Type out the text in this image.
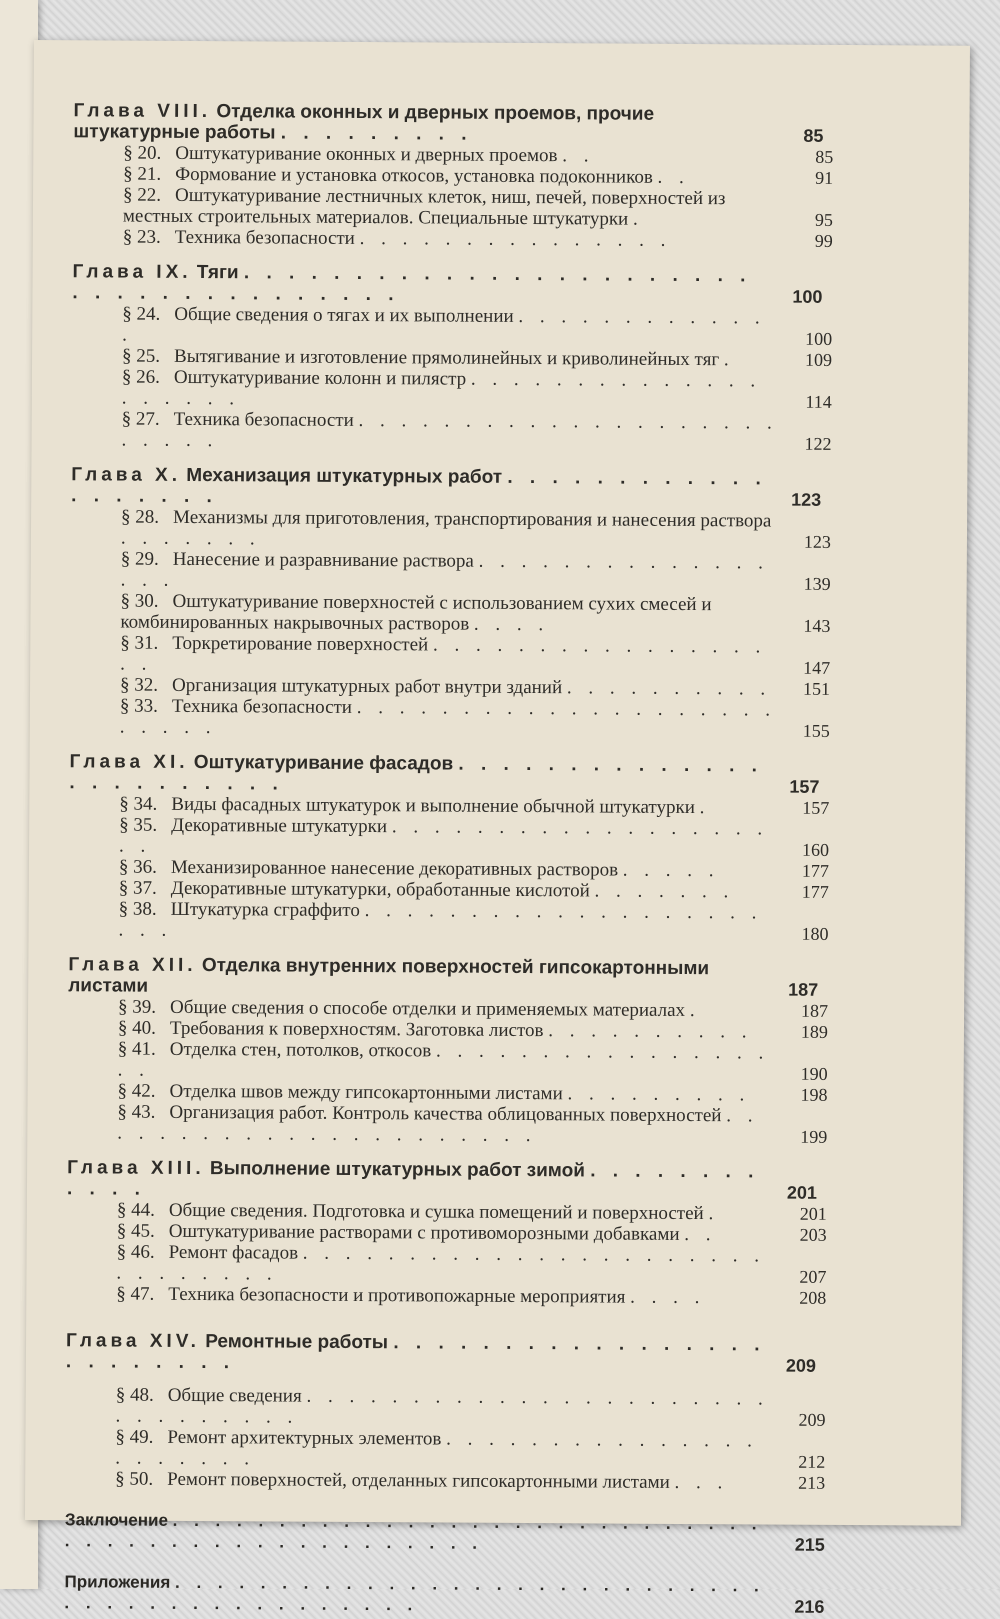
Глава VIII. Отделка оконных и дверных проемов, прочие штукатурные работы . . . . . . . . .	85
§ 20. Оштукатуривание оконных и дверных проемов . .	85
§ 21. Формование и установка откосов, установка подоконников . .	91
§ 22. Оштукатуривание лестничных клеток, ниш, печей, поверхностей из местных строительных материалов. Специальные штукатурки .	95
§ 23. Техника безопасности . . . . . . . . . . . . . . .	99
Глава IX. Тяги . . . . . . . . . . . . . . . . . . . . . . . . . . . . . . . . . . . . . .	100
§ 24. Общие сведения о тягах и их выполнении . . . . . . . . . . . . .	100
§ 25. Вытягивание и изготовление прямолинейных и криволинейных тяг .	109
§ 26. Оштукатуривание колонн и пилястр . . . . . . . . . . . . . . . . . . . .	114
§ 27. Техника безопасности . . . . . . . . . . . . . . . . . . . . . . . . .	122
Глава X. Механизация штукатурных работ . . . . . . . . . . . . . . . . . . .	123
§ 28. Механизмы для приготовления, транспортирования и нанесения раствора . . . . . . .	123
§ 29. Нанесение и разравнивание раствора . . . . . . . . . . . . . . . . .	139
§ 30. Оштукатуривание поверхностей с использованием сухих смесей и комбинированных накрывочных растворов . . . .	143
§ 31. Торкретирование поверхностей . . . . . . . . . . . . . . . . . .	147
§ 32. Организация штукатурных работ внутри зданий . . . . . . . . . .	151
§ 33. Техника безопасности . . . . . . . . . . . . . . . . . . . . . . . . .	155
Глава XI. Оштукатуривание фасадов . . . . . . . . . . . . . . . . . . . . . . . .	157
§ 34. Виды фасадных штукатурок и выполнение обычной штукатурки .	157
§ 35. Декоративные штукатурки . . . . . . . . . . . . . . . . . . . .	160
§ 36. Механизированное нанесение декоративных растворов . . . . .	177
§ 37. Декоративные штукатурки, обработанные кислотой . . . . . . .	177
§ 38. Штукатурка сграффито . . . . . . . . . . . . . . . . . . . . . .	180
Глава XII. Отделка внутренних поверхностей гипсокартонными листами	187
§ 39. Общие сведения о способе отделки и применяемых материалах .	187
§ 40. Требования к поверхностям. Заготовка листов . . . . . . . . . .	189
§ 41. Отделка стен, потолков, откосов . . . . . . . . . . . . . . . . . .	190
§ 42. Отделка швов между гипсокартонными листами . . . . . . . . .	198
§ 43. Организация работ. Контроль качества облицованных поверхностей . . . . . . . . . . . . . . . . . . . . . .	199
Глава XIII. Выполнение штукатурных работ зимой . . . . . . . . . . . .	201
§ 44. Общие сведения. Подготовка и сушка помещений и поверхностей .	201
§ 45. Оштукатуривание растворами с противоморозными добавками . .	203
§ 46. Ремонт фасадов . . . . . . . . . . . . . . . . . . . . . . . . . . . . . .	207
§ 47. Техника безопасности и противопожарные мероприятия . . . .	208
Глава XIV. Ремонтные работы . . . . . . . . . . . . . . . . . . . . . . . . .	209
§ 48. Общие сведения . . . . . . . . . . . . . . . . . . . . . . . . . . . . . . .	209
§ 49. Ремонт архитектурных элементов . . . . . . . . . . . . . . . . . . . . . .	212
§ 50. Ремонт поверхностей, отделанных гипсокартонными листами . . .	213
Заключение . . . . . . . . . . . . . . . . . . . . . . . . . . . . . . . . . . . . . . . . . . . . . . . .	215
Приложения . . . . . . . . . . . . . . . . . . . . . . . . . . . . . . . . . . . . . . . . . . . . .	216
